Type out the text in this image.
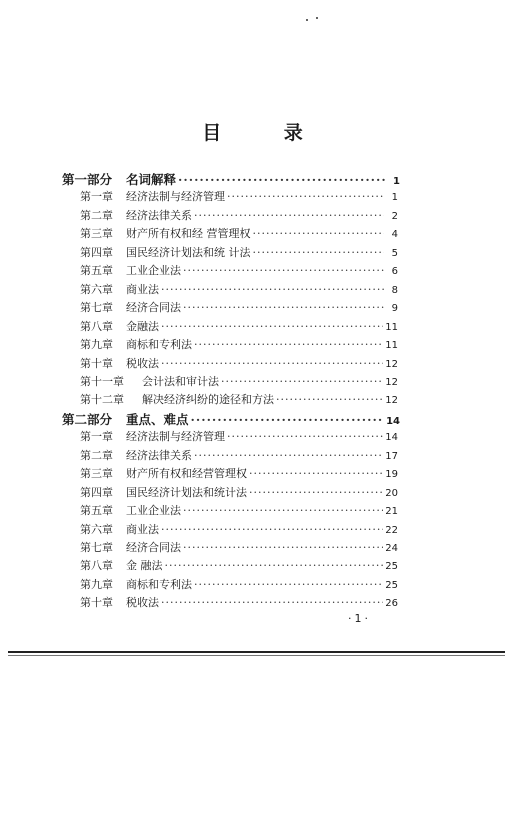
目 录
第一部分	名词解释 ·····	1
第一章	经济法制与经济管理 ·····	1
第二章	经济法律关系 ·····	2
第三章	财产所有权和经 营管理权 ·····	4
第四章	国民经济计划法和统 计法 ·····	5
第五章	工业企业法 ·····	6
第六章	商业法 ·····	8
第七章	经济合同法 ·····	9
第八章	金融法 ·····	11
第九章	商标和专利法 ·····	11
第十章	税收法 ·····	12
第十一章	会计法和审计法 ·····	12
第十二章	解决经济纠纷的途径和方法 ·····	12
第二部分	重点、难点 ·····	14
第一章	经济法制与经济管理 ·····	14
第二章	经济法律关系 ·····	17
第三章	财产所有权和经营管理权 ·····	19
第四章	国民经济计划法和统计法 ·····	20
第五章	工业企业法 ·····	21
第六章	商业法 ·····	22
第七章	经济合同法 ·····	24
第八章	金 融法 ·····	25
第九章	商标和专利法 ·····	25
第十章	税收法 ·····	26
·1·
